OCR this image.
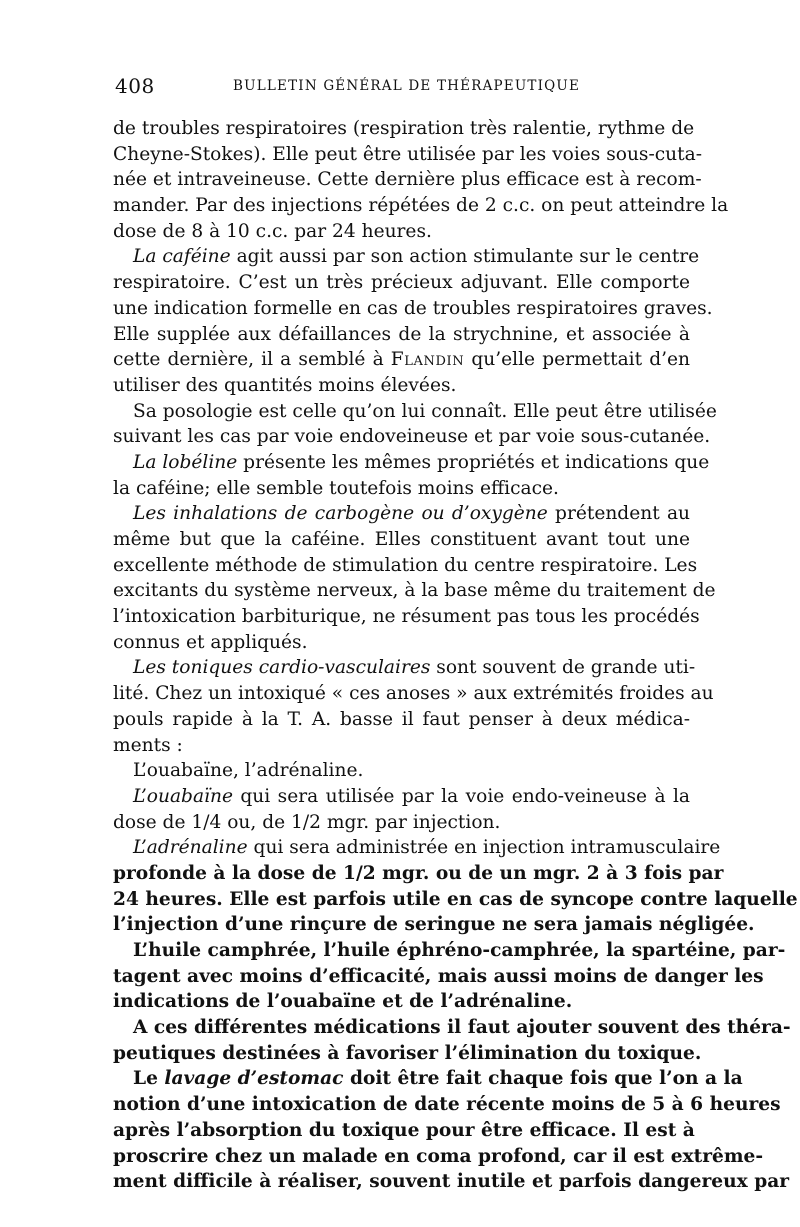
408	BULLETIN GÉNÉRAL DE THÉRAPEUTIQUE
de troubles respiratoires (respiration très ralentie, rythme de
Cheyne-Stokes). Elle peut être utilisée par les voies sous-cuta-
née et intraveineuse. Cette dernière plus efficace est à recom-
mander. Par des injections répétées de 2 c.c. on peut atteindre la
dose de 8 à 10 c.c. par 24 heures.
La caféine agit aussi par son action stimulante sur le centre
respiratoire. C’est un très précieux adjuvant. Elle comporte
une indication formelle en cas de troubles respiratoires graves.
Elle supplée aux défaillances de la strychnine, et associée à
cette dernière, il a semblé à Flandin qu’elle permettait d’en
utiliser des quantités moins élevées.
Sa posologie est celle qu’on lui connaît. Elle peut être utilisée
suivant les cas par voie endoveineuse et par voie sous-cutanée.
La lobéline présente les mêmes propriétés et indications que
la caféine; elle semble toutefois moins efficace.
Les inhalations de carbogène ou d’oxygène prétendent au
même but que la caféine. Elles constituent avant tout une
excellente méthode de stimulation du centre respiratoire. Les
excitants du système nerveux, à la base même du traitement de
l’intoxication barbiturique, ne résument pas tous les procédés
connus et appliqués.
Les toniques cardio-vasculaires sont souvent de grande uti-
lité. Chez un intoxiqué « ces anoses » aux extrémités froides au
pouls rapide à la T. A. basse il faut penser à deux médica-
ments :
L’ouabaïne, l’adrénaline.
L’ouabaïne qui sera utilisée par la voie endo-veineuse à la
dose de 1/4 ou, de 1/2 mgr. par injection.
L’adrénaline qui sera administrée en injection intramusculaire
profonde à la dose de 1/2 mgr. ou de un mgr. 2 à 3 fois par
24 heures. Elle est parfois utile en cas de syncope contre laquelle
l’injection d’une rinçure de seringue ne sera jamais négligée.
L’huile camphrée, l’huile éphréno-camphrée, la spartéine, par-
tagent avec moins d’efficacité, mais aussi moins de danger les
indications de l’ouabaïne et de l’adrénaline.
A ces différentes médications il faut ajouter souvent des théra-
peutiques destinées à favoriser l’élimination du toxique.
Le lavage d’estomac doit être fait chaque fois que l’on a la
notion d’une intoxication de date récente moins de 5 à 6 heures
après l’absorption du toxique pour être efficace. Il est à
proscrire chez un malade en coma profond, car il est extrême-
ment difficile à réaliser, souvent inutile et parfois dangereux par
